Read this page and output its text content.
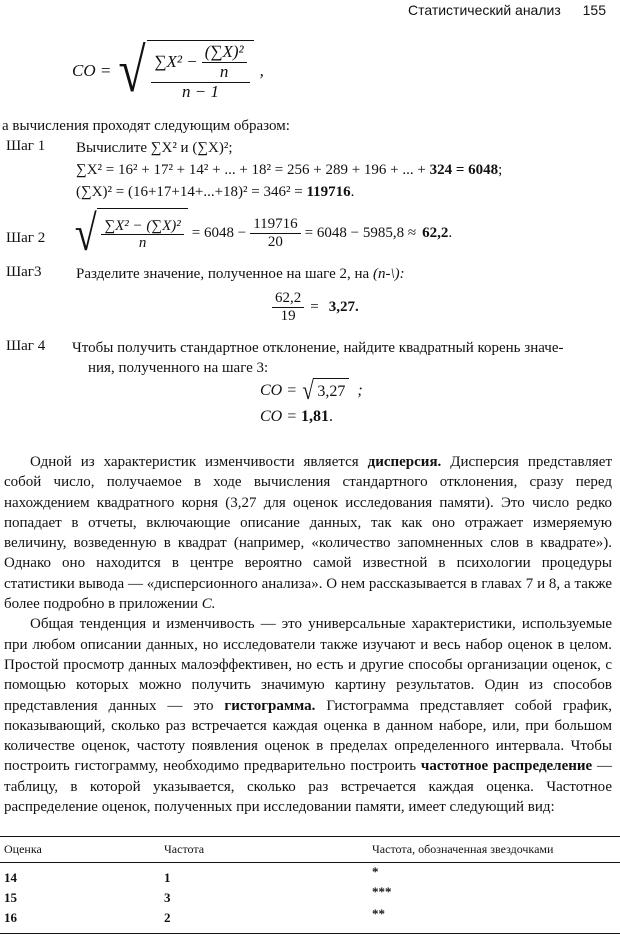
Статистический анализ 155
CO = √ $\frac{\sum X^2 - \frac{\text{(∑X)²}}{n}}{n - 1}$ ,
а вычисления проходят следующим образом:
Шаг 1 Вычислите ∑X² и (∑X)²;
∑X² = 16² + 17² + 14² + ... + 18² = 256 + 289 + 196 + ... + 324 = 6048;
(∑X)² = (16+17+14+...+18)² = 346² = 119716.
Шаг 2 √ $\frac{\text{∑X² − (∑X)²}}{n} = 6048 - \frac{119716}{20} = 6048 - 5985,8 \approx 62,2$ .
Шаг3 Разделите значение, полученное на шаге 2, на (n-\):
$\frac{62,2}{19} = 3,27$.
Шаг 4 Чтобы получить стандартное отклонение, найдите квадратный корень значе-
ния, полученного на шаге 3:
CO = √ 3,27 ;
CO = 1,81.

Одной из характеристик изменчивости является дисперсия. Дисперсия представляет собой число, получаемое в ходе вычисления стандартного отклонения, сразу перед нахождением квадратного корня (3,27 для оценок исследования памяти). Это число редко попадает в отчеты, включающие описание данных, так как оно отражает измеряемую величину, возведенную в квадрат (например, «количество запомненных слов в квадрате»). Однако оно находится в центре вероятно самой известной в психологии процедуры статистики вывода — «дисперсионного анализа». О нем рассказывается в главах 7 и 8, а также более подробно в приложении С.

Общая тенденция и изменчивость — это универсальные характеристики, используемые при любом описании данных, но исследователи также изучают и весь набор оценок в целом. Простой просмотр данных малоэффективен, но есть и другие способы организации оценок, с помощью которых можно получить значимую картину результатов. Один из способов представления данных — это гистограмма. Гистограмма представляет собой график, показывающий, сколько раз встречается каждая оценка в данном наборе, или, при большом количестве оценок, частоту появления оценок в пределах определенного интервала. Чтобы построить гистограмму, необходимо предварительно построить частотное распределение — таблицу, в которой указывается, сколько раз встречается каждая оценка. Частотное распределение оценок, полученных при исследовании памяти, имеет следующий вид:

Оценка	Частота	Частота, обозначенная звездочками
14	1	*
15	3	***
16	2	**
